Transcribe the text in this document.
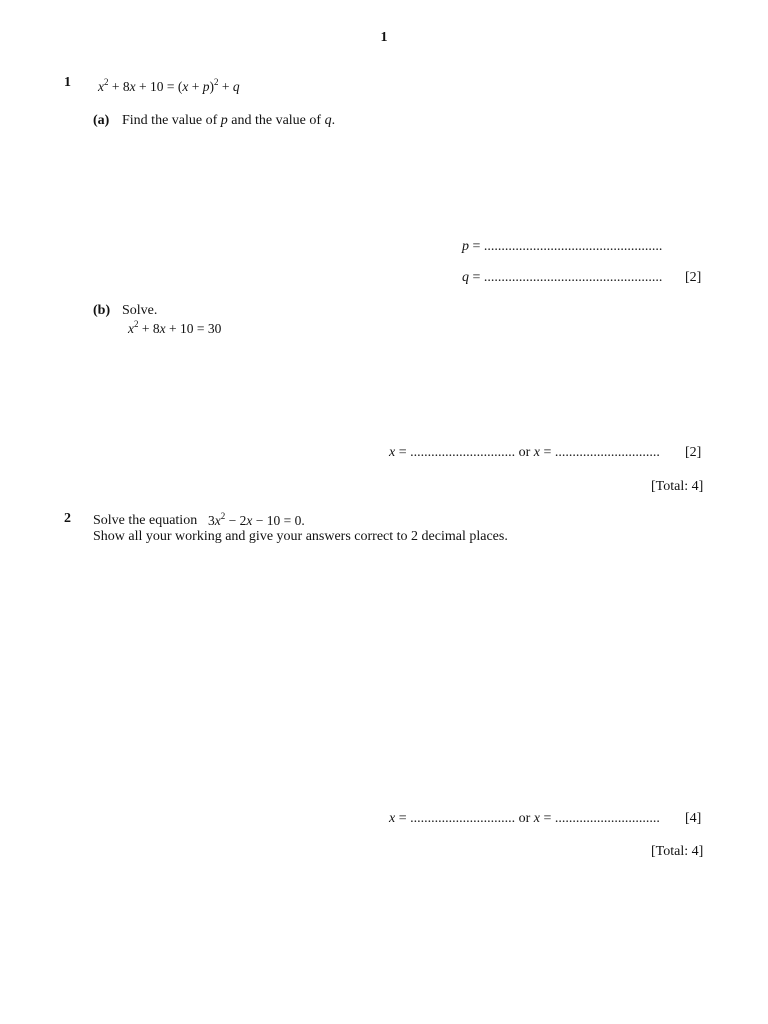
1
1 $x^2 + 8x + 10 = (x + p)^2 + q$
(a) Find the value of p and the value of q.
p = ...................................................
q = ................................................... [2]
(b) Solve.
$x^2 + 8x + 10 = 30$
x = .............................. or x = .............................. [2]
[Total: 4]
2 Solve the equation $3x^2 - 2x - 10 = 0$.
Show all your working and give your answers correct to 2 decimal places.
x = .............................. or x = .............................. [4]
[Total: 4]
